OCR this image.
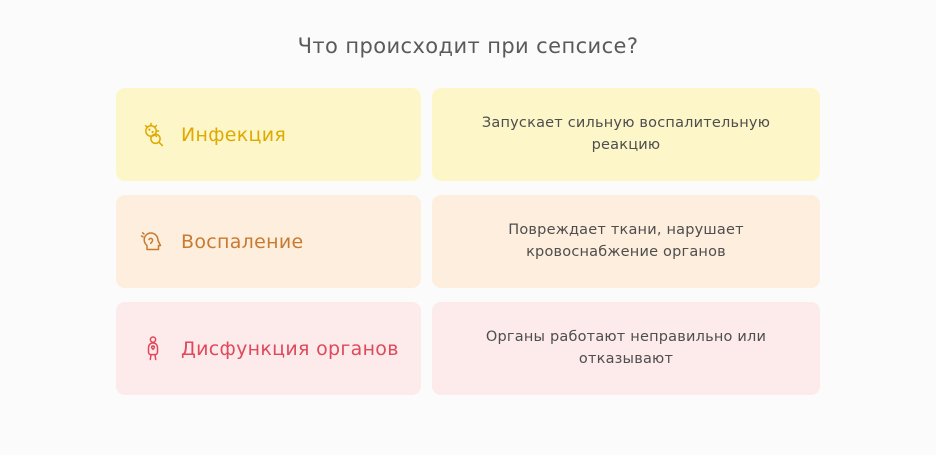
Что происходит при сепсисе?
Инфекция
Запускает сильную воспалительную реакцию
Воспаление
Повреждает ткани, нарушает кровоснабжение органов
Дисфункция органов
Органы работают неправильно или отказывают
